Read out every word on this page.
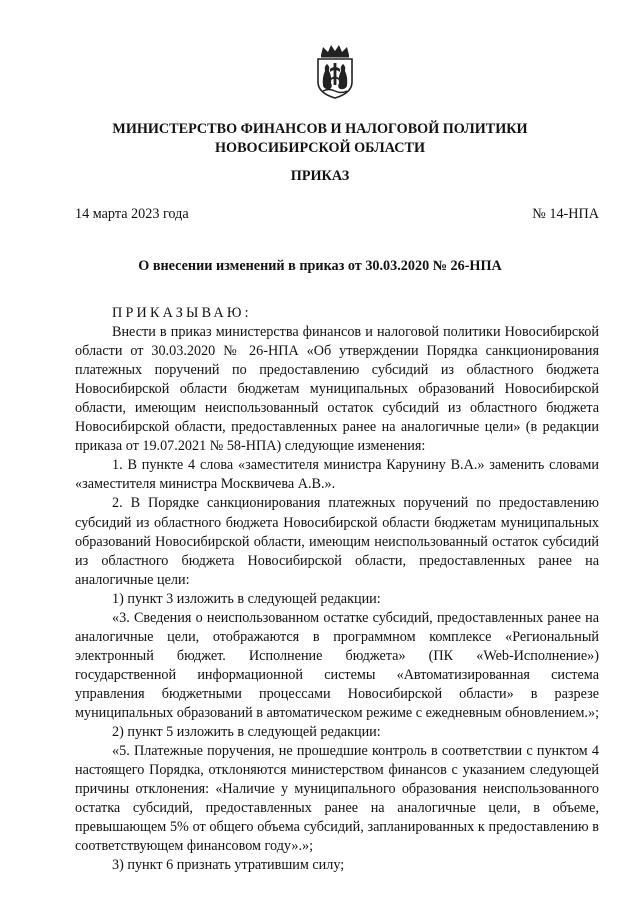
МИНИСТЕРСТВО ФИНАНСОВ И НАЛОГОВОЙ ПОЛИТИКИ
НОВОСИБИРСКОЙ ОБЛАСТИ
ПРИКАЗ
14 марта 2023 года	№ 14-НПА
О внесении изменений в приказ от 30.03.2020 № 26-НПА

ПРИКАЗЫВАЮ:

Внести в приказ министерства финансов и налоговой политики Новосибирской области от 30.03.2020 № 26-НПА «Об утверждении Порядка санкционирования платежных поручений по предоставлению субсидий из областного бюджета Новосибирской области бюджетам муниципальных образований Новосибирской области, имеющим неиспользованный остаток субсидий из областного бюджета Новосибирской области, предоставленных ранее на аналогичные цели» (в редакции приказа от 19.07.2021 № 58-НПА) следующие изменения:

1. В пункте 4 слова «заместителя министра Карунину В.А.» заменить словами «заместителя министра Москвичева А.В.».

2. В Порядке санкционирования платежных поручений по предоставлению субсидий из областного бюджета Новосибирской области бюджетам муниципальных образований Новосибирской области, имеющим неиспользованный остаток субсидий из областного бюджета Новосибирской области, предоставленных ранее на аналогичные цели:

1) пункт 3 изложить в следующей редакции:

«3. Сведения о неиспользованном остатке субсидий, предоставленных ранее на аналогичные цели, отображаются в программном комплексе «Региональный электронный бюджет. Исполнение бюджета» (ПК «Web-Исполнение») государственной информационной системы «Автоматизированная система управления бюджетными процессами Новосибирской области» в разрезе муниципальных образований в автоматическом режиме с ежедневным обновлением.»;

2) пункт 5 изложить в следующей редакции:

«5. Платежные поручения, не прошедшие контроль в соответствии с пунктом 4 настоящего Порядка, отклоняются министерством финансов с указанием следующей причины отклонения: «Наличие у муниципального образования неиспользованного остатка субсидий, предоставленных ранее на аналогичные цели, в объеме, превышающем 5% от общего объема субсидий, запланированных к предоставлению в соответствующем финансовом году».»;

3) пункт 6 признать утратившим силу;
